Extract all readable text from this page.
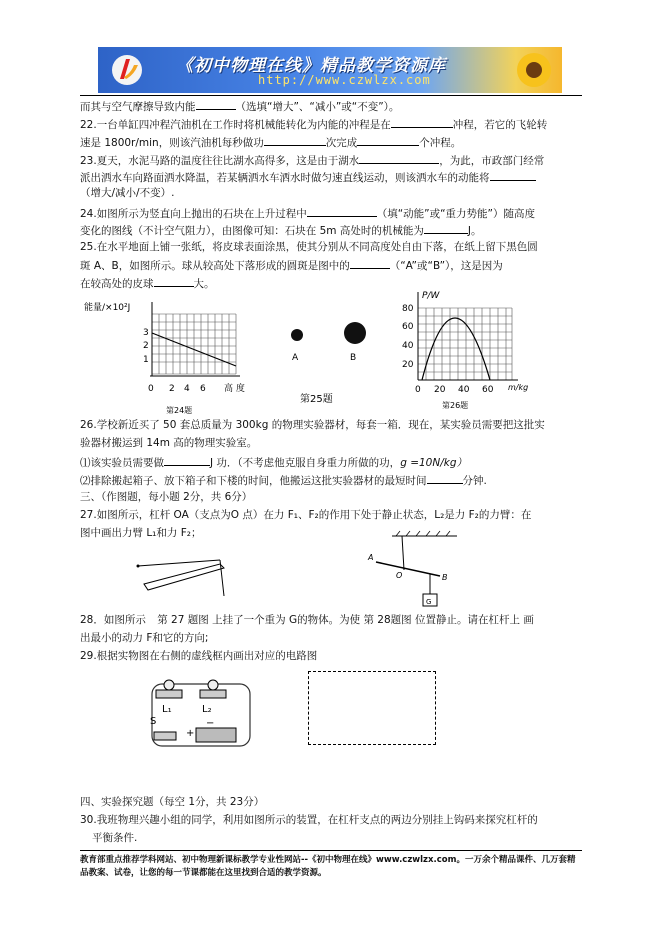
《初中物理在线》精品教学资源库
http://www.czwlzx.com
而其与空气摩擦导致内能	（选填“增大”、“减小”或“不变”）。
22.一台单缸四冲程汽油机在工作时将机械能转化为内能的冲程是在	冲程，若它的飞轮转
速是 1800r/min，则该汽油机每秒做功	次完成	个冲程。
23.夏天，水泥马路的温度往往比湖水高得多，这是由于湖水	，为此，市政部门经常
派出洒水车向路面洒水降温，若某辆洒水车洒水时做匀速直线运动，则该洒水车的动能将
（增大/减小/不变）.
24.如图所示为竖直向上抛出的石块在上升过程中	（填“动能”或“重力势能”）随高度
变化的图线（不计空气阻力），由图像可知：石块在 5m 高处时的机械能为	J。
25.在水平地面上铺一张纸，将皮球表面涂黑，使其分别从不同高度处自由下落，在纸上留下黑色圆
斑 A、B，如图所示。球从较高处下落形成的圆斑是图中的	（“A”或“B”），这是因为
在较高处的皮球	大。
能量/×10²J
3
2
1
0 2 4 6 高 度
第24题
A	B
第25题
P/W
80
60
40
20
0 20 40 60 m/kg
第26题
26.学校新近买了 50 套总质量为 300kg 的物理实验器材，每套一箱．现在，某实验员需要把这批实
验器材搬运到 14m 高的物理实验室。
⑴该实验员需要做	J 功．（不考虑他克服自身重力所做的功，g =10N/kg）
⑵排除搬起箱子、放下箱子和下楼的时间，他搬运这批实验器材的最短时间	分钟.
三、（作图题，每小题 2分，共 6分）
27.如图所示，杠杆 OA（支点为O 点）在力 F₁、F₂的作用下处于静止状态，L₂是力 F₂的力臂：在
图中画出力臂 L₁和力 F₂；
A
O	B
G
28．如图所示 第 27 题图 上挂了一个重为 G的物体。为使 第 28题图 位置静止。请在杠杆上 画
出最小的动力 F和它的方向;
29.根据实物图在右侧的虚线框内画出对应的电路图
L₁	L₂
S
+
−
四、实验探究题（每空 1分，共 23分）
30.我班物理兴趣小组的同学，利用如图所示的装置，在杠杆支点的两边分别挂上钩码来探究杠杆的
平衡条件.
教育部重点推荐学科网站、初中物理新课标教学专业性网站--《初中物理在线》www.czwlzx.com。一万余个精品课件、几万套精品教案、试卷，让您的每一节课都能在这里找到合适的教学资源。
